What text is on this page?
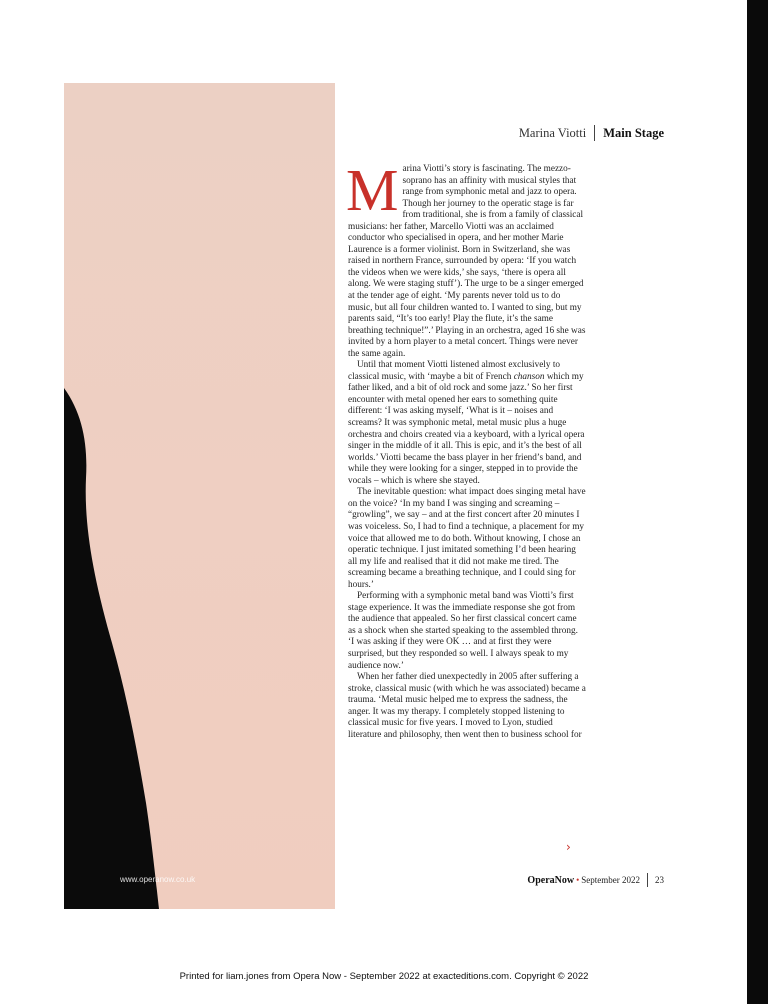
www.operanow.co.uk
Marina Viotti Main Stage

Marina Viotti’s story is fascinating. The mezzo-soprano has an affinity with musical styles that range from symphonic metal and jazz to opera. Though her journey to the operatic stage is far from traditional, she is from a family of classical musicians: her father, Marcello Viotti was an acclaimed conductor who specialised in opera, and her mother Marie Laurence is a former violinist. Born in Switzerland, she was raised in northern France, surrounded by opera: ‘If you watch the videos when we were kids,’ she says, ‘there is opera all along. We were staging stuff’). The urge to be a singer emerged at the tender age of eight. ‘My parents never told us to do music, but all four children wanted to. I wanted to sing, but my parents said, “It’s too early! Play the flute, it’s the same breathing technique!”.’ Playing in an orchestra, aged 16 she was invited by a horn player to a metal concert. Things were never the same again.

Until that moment Viotti listened almost exclusively to classical music, with ‘maybe a bit of French chanson which my father liked, and a bit of old rock and some jazz.’ So her first encounter with metal opened her ears to something quite different: ‘I was asking myself, ‘What is it – noises and screams? It was symphonic metal, metal music plus a huge orchestra and choirs created via a keyboard, with a lyrical opera singer in the middle of it all. This is epic, and it’s the best of all worlds.’ Viotti became the bass player in her friend’s band, and while they were looking for a singer, stepped in to provide the vocals – which is where she stayed.

The inevitable question: what impact does singing metal have on the voice? ‘In my band I was singing and screaming – “growling”, we say – and at the first concert after 20 minutes I was voiceless. So, I had to find a technique, a placement for my voice that allowed me to do both. Without knowing, I chose an operatic technique. I just imitated something I’d been hearing all my life and realised that it did not make me tired. The screaming became a breathing technique, and I could sing for hours.’

Performing with a symphonic metal band was Viotti’s first stage experience. It was the immediate response she got from the audience that appealed. So her first classical concert came as a shock when she started speaking to the assembled throng. ‘I was asking if they were OK … and at first they were surprised, but they responded so well. I always speak to my audience now.’

When her father died unexpectedly in 2005 after suffering a stroke, classical music (with which he was associated) became a trauma. ‘Metal music helped me to express the sadness, the anger. It was my therapy. I completely stopped listening to classical music for five years. I moved to Lyon, studied literature and philosophy, then went then to business school for

›
OperaNow • September 2022 23
Printed for liam.jones from Opera Now - September 2022 at exacteditions.com. Copyright © 2022
